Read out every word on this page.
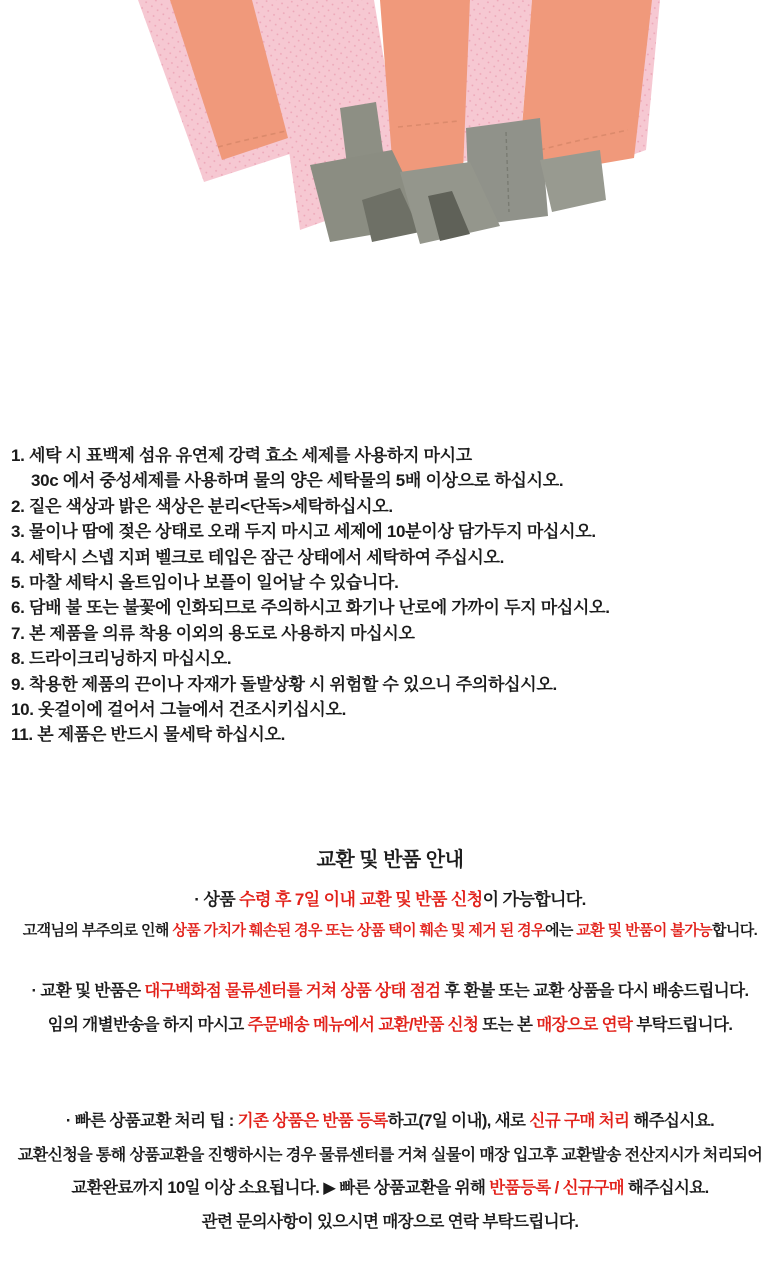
1. 세탁 시 표백제 섬유 유연제 강력 효소 세제를 사용하지 마시고
30c 에서 중성세제를 사용하며 물의 양은 세탁물의 5배 이상으로 하십시오.
2. 짙은 색상과 밝은 색상은 분리<단독>세탁하십시오.
3. 물이나 땀에 젖은 상태로 오래 두지 마시고 세제에 10분이상 담가두지 마십시오.
4. 세탁시 스넵 지퍼 벨크로 테입은 잠근 상태에서 세탁하여 주십시오.
5. 마찰 세탁시 올트임이나 보플이 일어날 수 있습니다.
6. 담배 불 또는 불꽃에 인화되므로 주의하시고 화기나 난로에 가까이 두지 마십시오.
7. 본 제품을 의류 착용 이외의 용도로 사용하지 마십시오
8. 드라이크리닝하지 마십시오.
9. 착용한 제품의 끈이나 자재가 돌발상황 시 위험할 수 있으니 주의하십시오.
10. 옷걸이에 걸어서 그늘에서 건조시키십시오.
11. 본 제품은 반드시 물세탁 하십시오.
교환 및 반품 안내
· 상품 수령 후 7일 이내 교환 및 반품 신청이 가능합니다.
고객님의 부주의로 인해 상품 가치가 훼손된 경우 또는 상품 택이 훼손 및 제거 된 경우에는 교환 및 반품이 불가능합니다.
· 교환 및 반품은 대구백화점 물류센터를 거쳐 상품 상태 점검 후 환불 또는 교환 상품을 다시 배송드립니다.
임의 개별반송을 하지 마시고 주문배송 메뉴에서 교환/반품 신청 또는 본 매장으로 연락 부탁드립니다.
· 빠른 상품교환 처리 팁 : 기존 상품은 반품 등록하고(7일 이내), 새로 신규 구매 처리 해주십시요.
교환신청을 통해 상품교환을 진행하시는 경우 물류센터를 거쳐 실물이 매장 입고후 교환발송 전산지시가 처리되어
교환완료까지 10일 이상 소요됩니다. ▶ 빠른 상품교환을 위해 반품등록 / 신규구매 해주십시요.
관련 문의사항이 있으시면 매장으로 연락 부탁드립니다.
